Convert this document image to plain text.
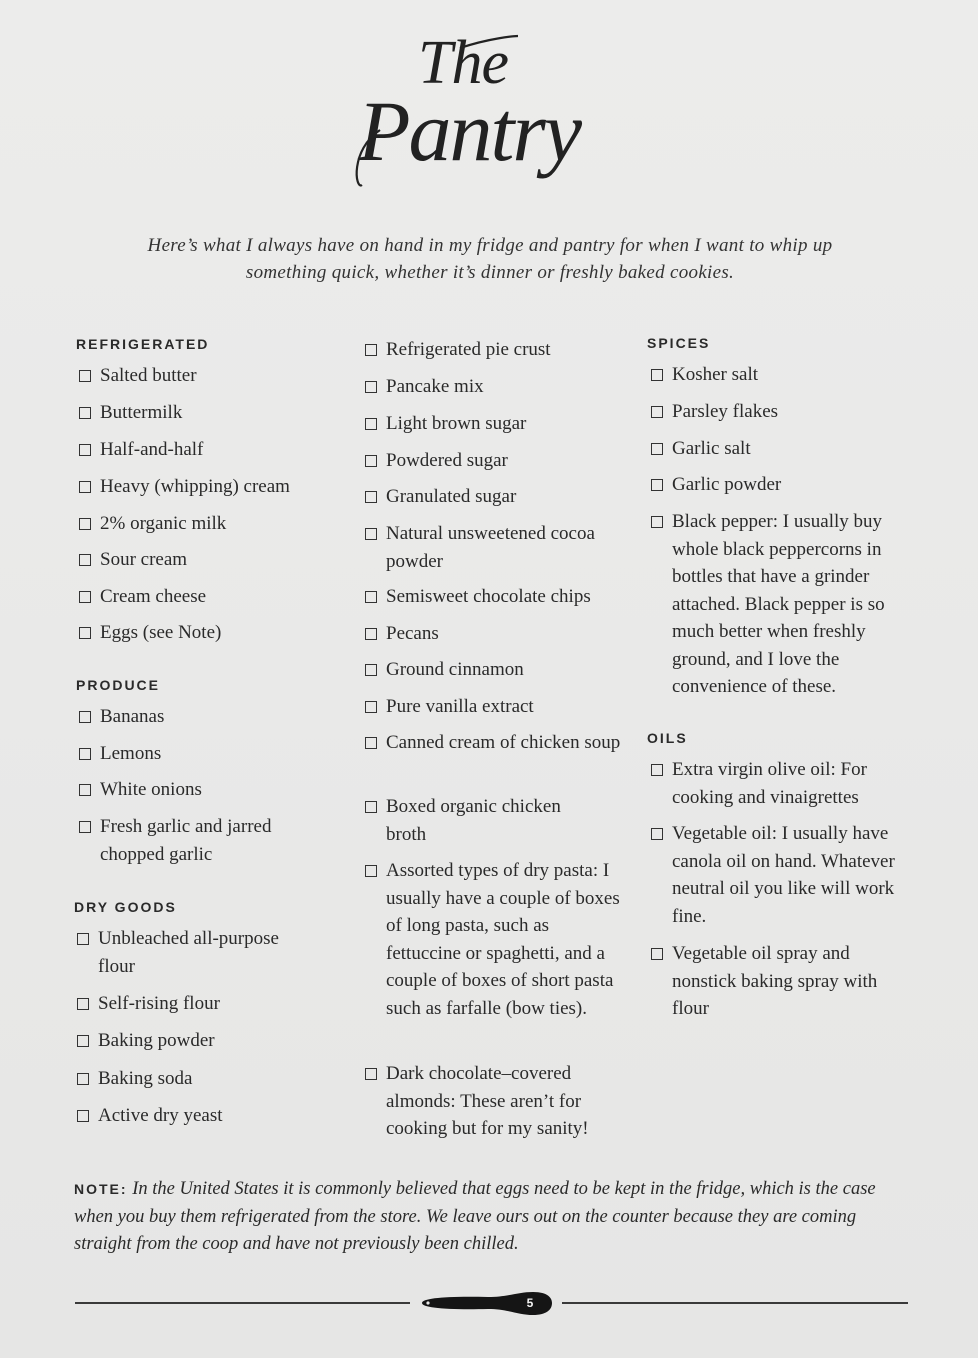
The
Pantry

Here’s what I always have on hand in my fridge and pantry for when I want to whip up

something quick, whether it’s dinner or freshly baked cookies.

REFRIGERATED
Salted butter
Buttermilk
Half-and-half
Heavy (whipping) cream
2% organic milk
Sour cream
Cream cheese
Eggs (see Note)
PRODUCE
Bananas
Lemons
White onions
Fresh garlic and jarred chopped garlic
DRY GOODS
Unbleached all-purpose flour
Self-rising flour
Baking powder
Baking soda
Active dry yeast
Refrigerated pie crust
Pancake mix
Light brown sugar
Powdered sugar
Granulated sugar
Natural unsweetened cocoa powder
Semisweet chocolate chips
Pecans
Ground cinnamon
Pure vanilla extract
Canned cream of chicken soup
Boxed organic chicken broth
Assorted types of dry pasta: I usually have a couple of boxes of long pasta, such as fettuccine or spaghetti, and a couple of boxes of short pasta such as farfalle (bow ties).
Dark chocolate–covered almonds: These aren’t for cooking but for my sanity!
SPICES
Kosher salt
Parsley flakes
Garlic salt
Garlic powder
Black pepper: I usually buy whole black peppercorns in bottles that have a grinder attached. Black pepper is so much better when freshly ground, and I love the convenience of these.
OILS
Extra virgin olive oil: For cooking and vinaigrettes
Vegetable oil: I usually have canola oil on hand. Whatever neutral oil you like will work fine.
Vegetable oil spray and nonstick baking spray with flour
NOTE: In the United States it is commonly believed that eggs need to be kept in the fridge, which is the case when you buy them refrigerated from the store. We leave ours out on the counter because they are coming straight from the coop and have not previously been chilled.
5
